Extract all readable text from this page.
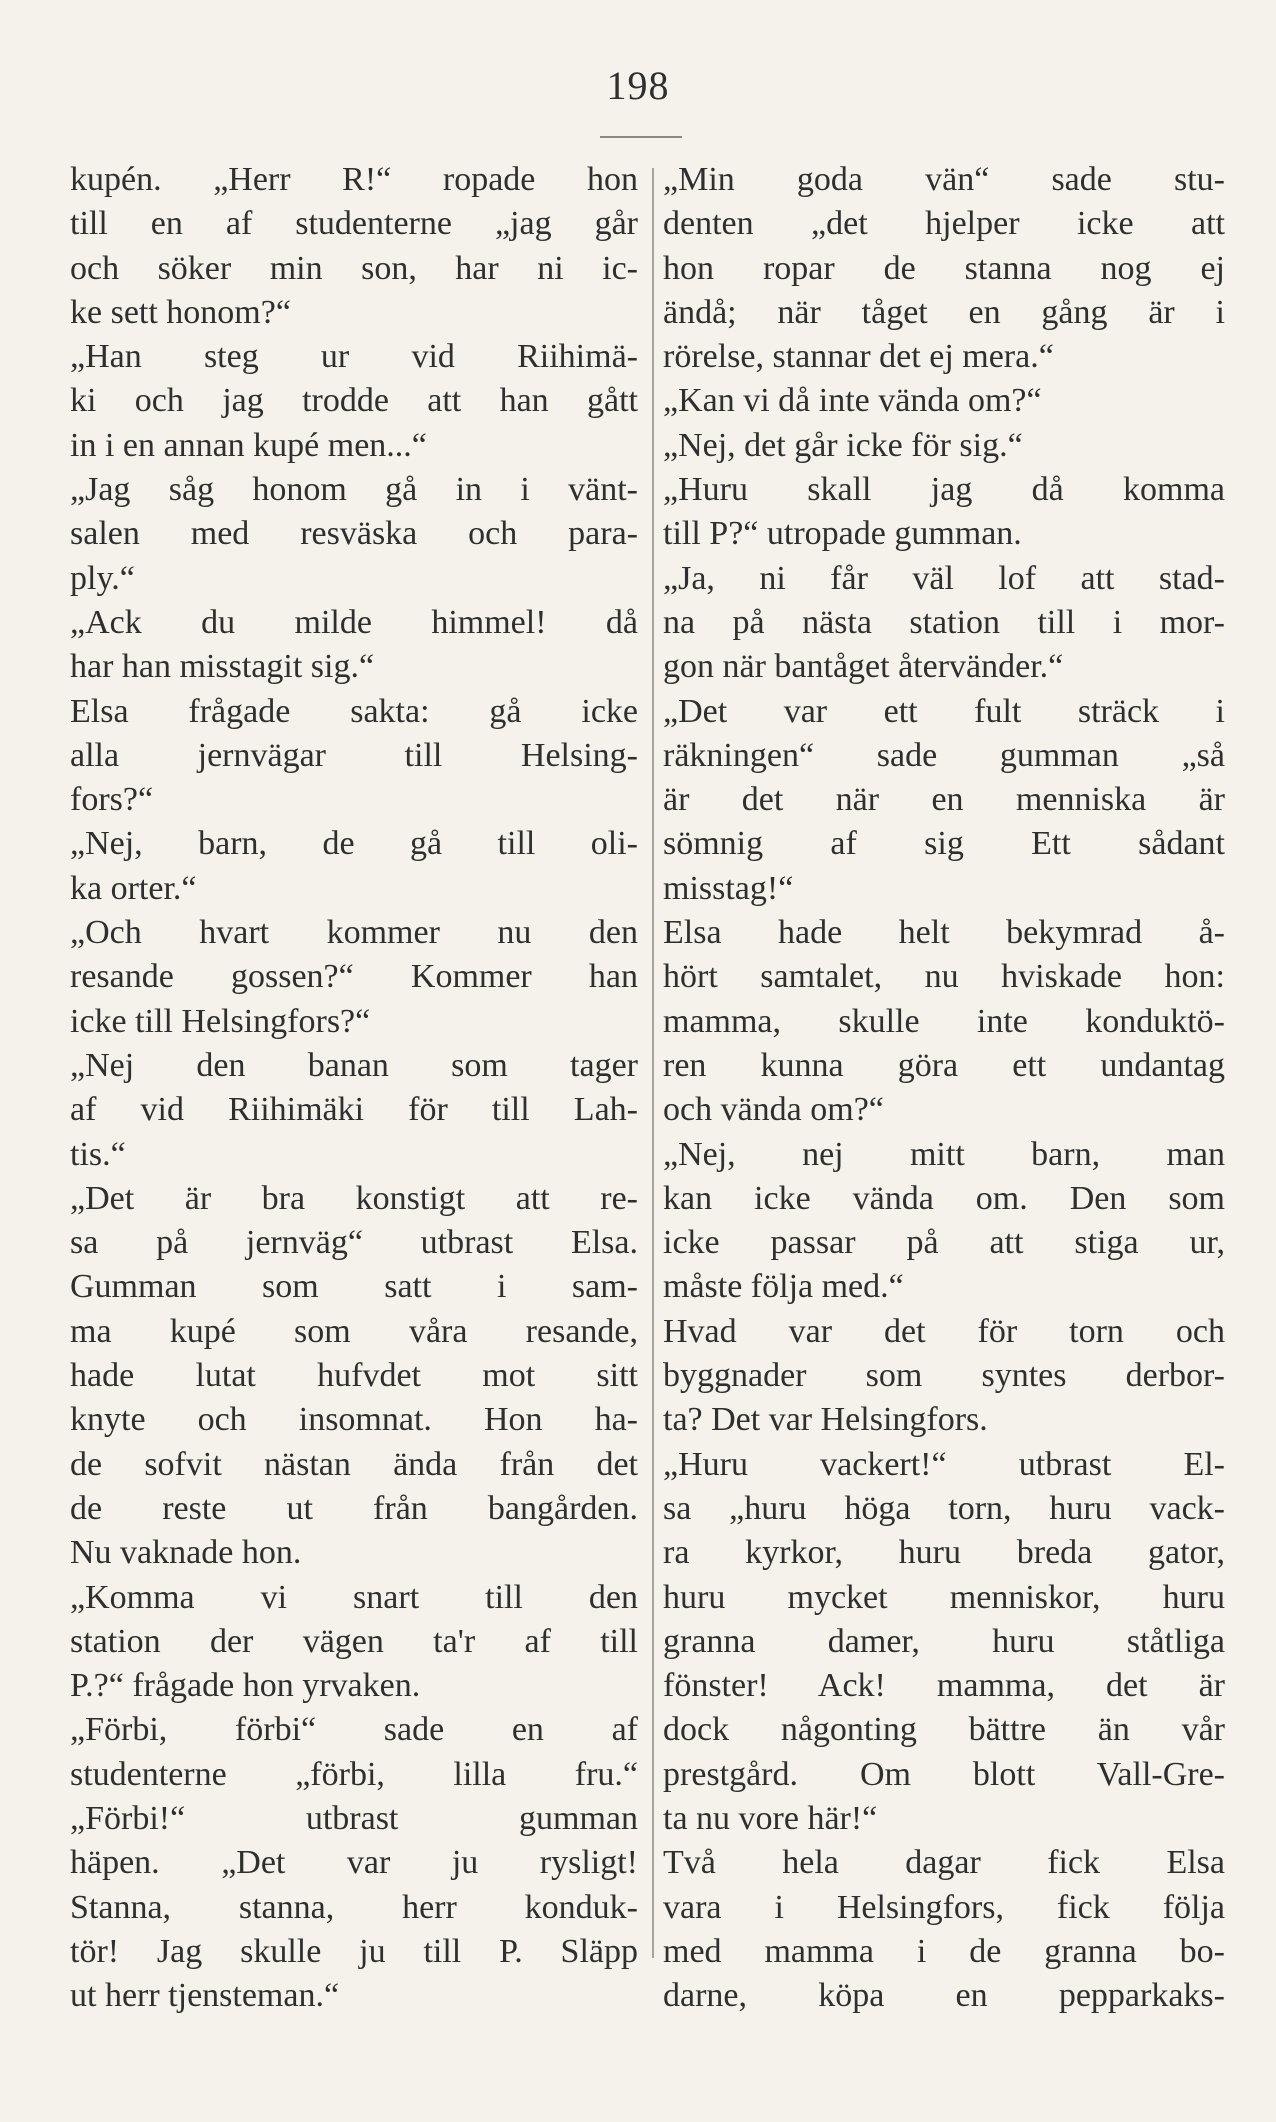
198
kupén. „Herr R!“ ropade hon
till en af studenterne „jag går
och söker min son, har ni ic-
ke sett honom?“
„Han steg ur vid Riihimä-
ki och jag trodde att han gått
in i en annan kupé men...“
„Jag såg honom gå in i vänt-
salen med resväska och para-
ply.“
„Ack du milde himmel! då
har han misstagit sig.“
Elsa frågade sakta: gå icke
alla jernvägar till Helsing-
fors?“
„Nej, barn, de gå till oli-
ka orter.“
„Och hvart kommer nu den
resande gossen?“ Kommer han
icke till Helsingfors?“
„Nej den banan som tager
af vid Riihimäki för till Lah-
tis.“
„Det är bra konstigt att re-
sa på jernväg“ utbrast Elsa.
Gumman som satt i sam-
ma kupé som våra resande,
hade lutat hufvdet mot sitt
knyte och insomnat. Hon ha-
de sofvit nästan ända från det
de reste ut från bangården.
Nu vaknade hon.
„Komma vi snart till den
station der vägen ta'r af till
P.?“ frågade hon yrvaken.
„Förbi, förbi“ sade en af
studenterne „förbi, lilla fru.“
„Förbi!“ utbrast gumman
häpen. „Det var ju rysligt!
Stanna, stanna, herr konduk-
tör! Jag skulle ju till P. Släpp
ut herr tjensteman.“
„Min goda vän“ sade stu-
denten „det hjelper icke att
hon ropar de stanna nog ej
ändå; när tåget en gång är i
rörelse, stannar det ej mera.“
„Kan vi då inte vända om?“
„Nej, det går icke för sig.“
„Huru skall jag då komma
till P?“ utropade gumman.
„Ja, ni får väl lof att stad-
na på nästa station till i mor-
gon när bantåget återvänder.“
„Det var ett fult sträck i
räkningen“ sade gumman „så
är det när en menniska är
sömnig af sig Ett sådant
misstag!“
Elsa hade helt bekymrad å-
hört samtalet, nu hviskade hon:
mamma, skulle inte konduktö-
ren kunna göra ett undantag
och vända om?“
„Nej, nej mitt barn, man
kan icke vända om. Den som
icke passar på att stiga ur,
måste följa med.“
Hvad var det för torn och
byggnader som syntes derbor-
ta? Det var Helsingfors.
„Huru vackert!“ utbrast El-
sa „huru höga torn, huru vack-
ra kyrkor, huru breda gator,
huru mycket menniskor, huru
granna damer, huru ståtliga
fönster! Ack! mamma, det är
dock någonting bättre än vår
prestgård. Om blott Vall-Gre-
ta nu vore här!“
Två hela dagar fick Elsa
vara i Helsingfors, fick följa
med mamma i de granna bo-
darne, köpa en pepparkaks-
